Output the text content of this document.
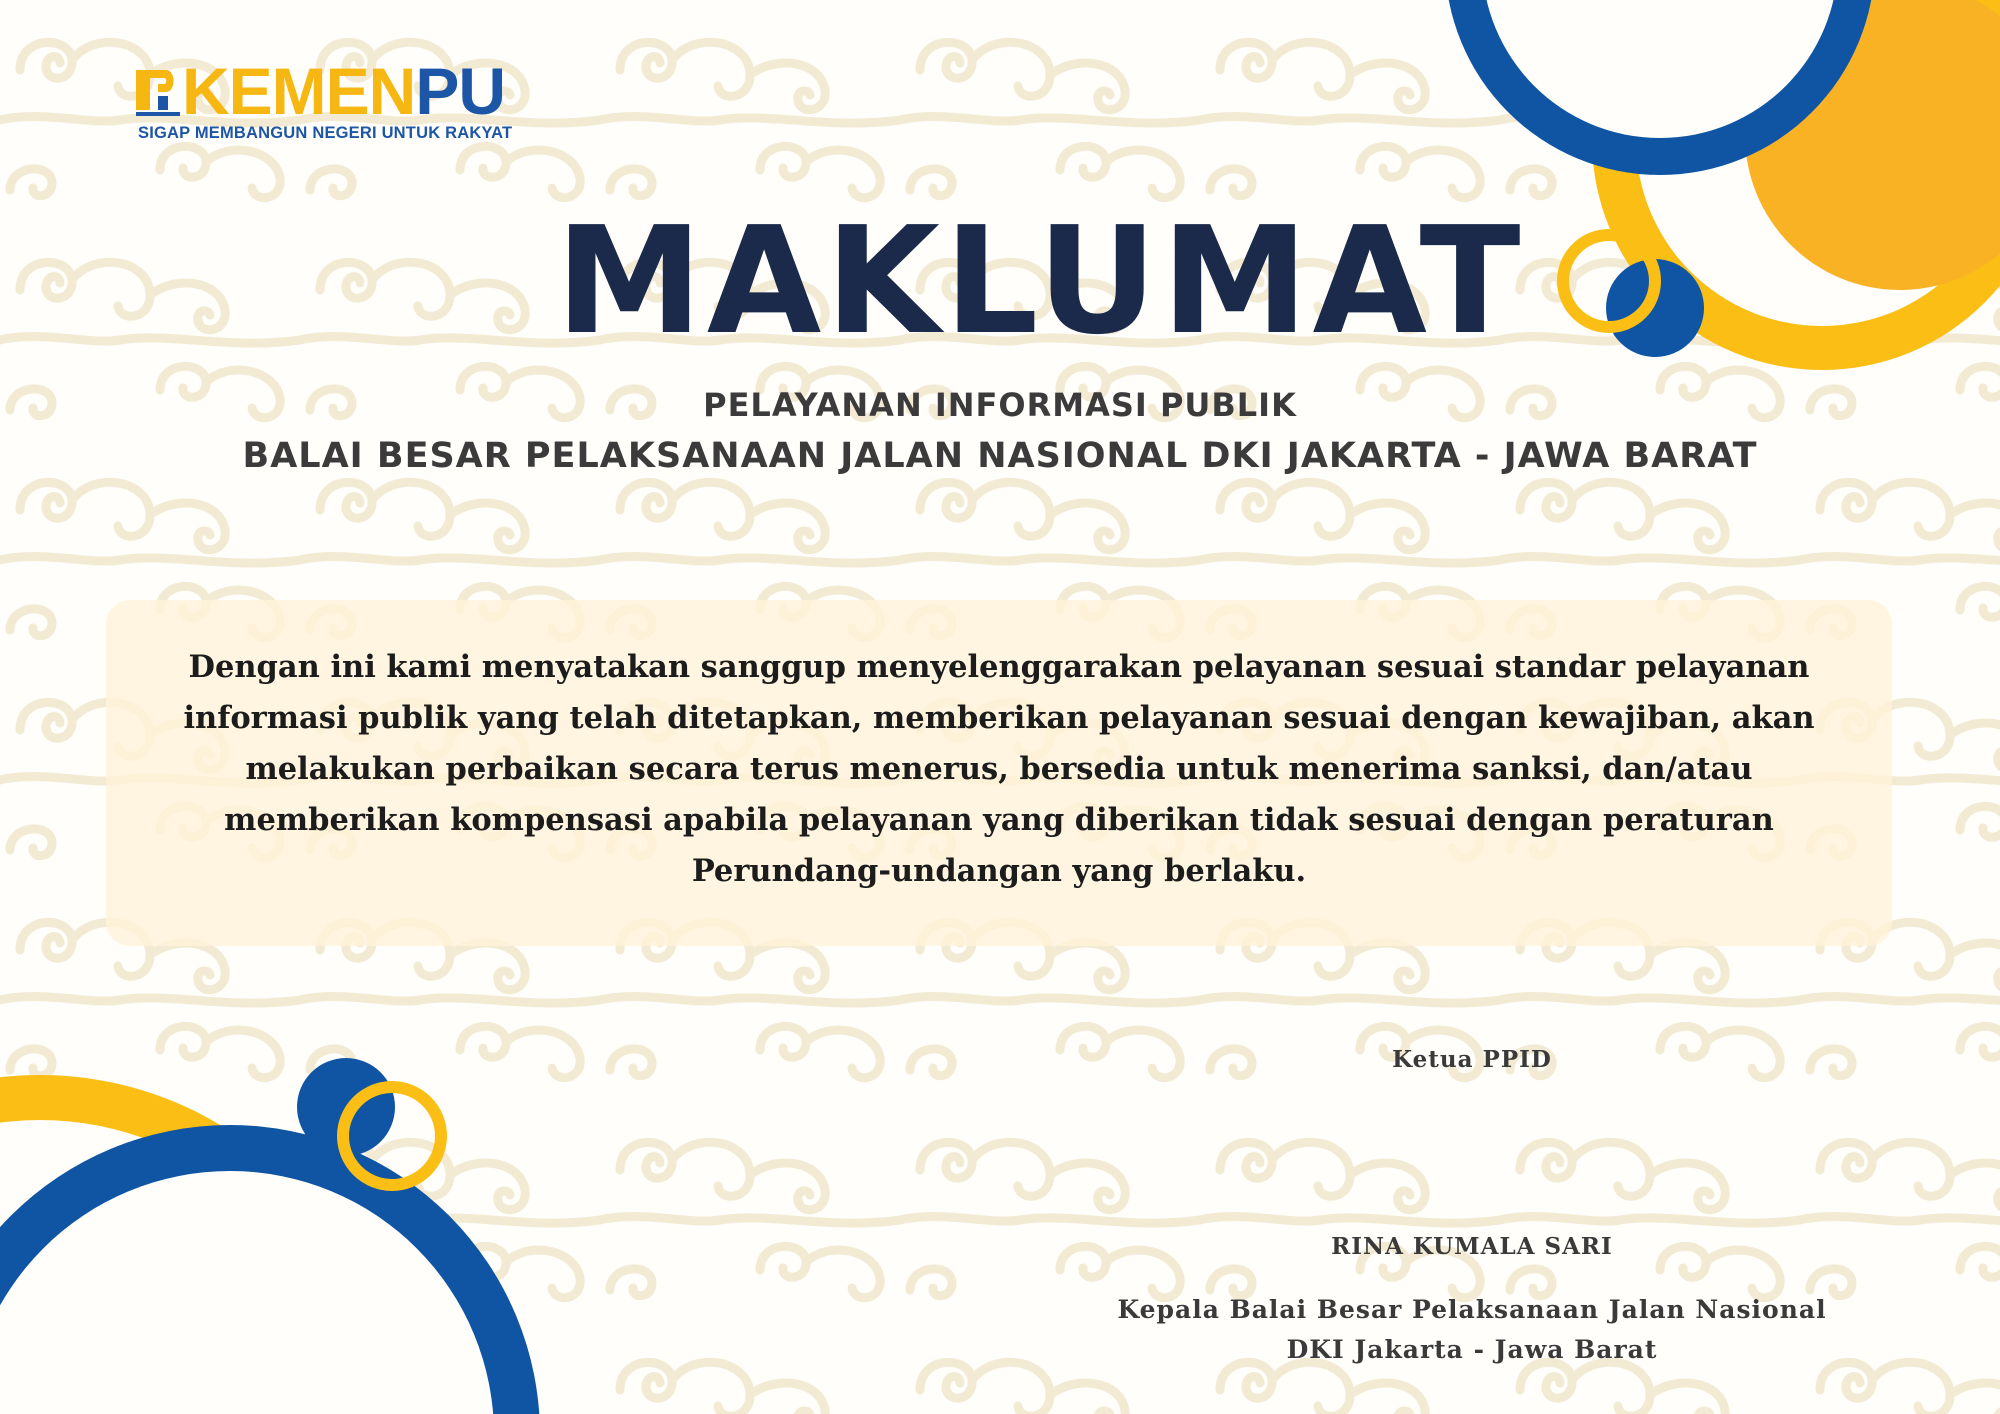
KEMENPU

SIGAP MEMBANGUN NEGERI UNTUK RAKYAT

MAKLUMAT

PELAYANAN INFORMASI PUBLIK

BALAI BESAR PELAKSANAAN JALAN NASIONAL DKI JAKARTA - JAWA BARAT

Dengan ini kami menyatakan sanggup menyelenggarakan pelayanan sesuai standar pelayanan informasi publik yang telah ditetapkan, memberikan pelayanan sesuai dengan kewajiban, akan melakukan perbaikan secara terus menerus, bersedia untuk menerima sanksi, dan/atau memberikan kompensasi apabila pelayanan yang diberikan tidak sesuai dengan peraturan Perundang-undangan yang berlaku.

Ketua PPID

RINA KUMALA SARI

Kepala Balai Besar Pelaksanaan Jalan Nasional
DKI Jakarta - Jawa Barat
